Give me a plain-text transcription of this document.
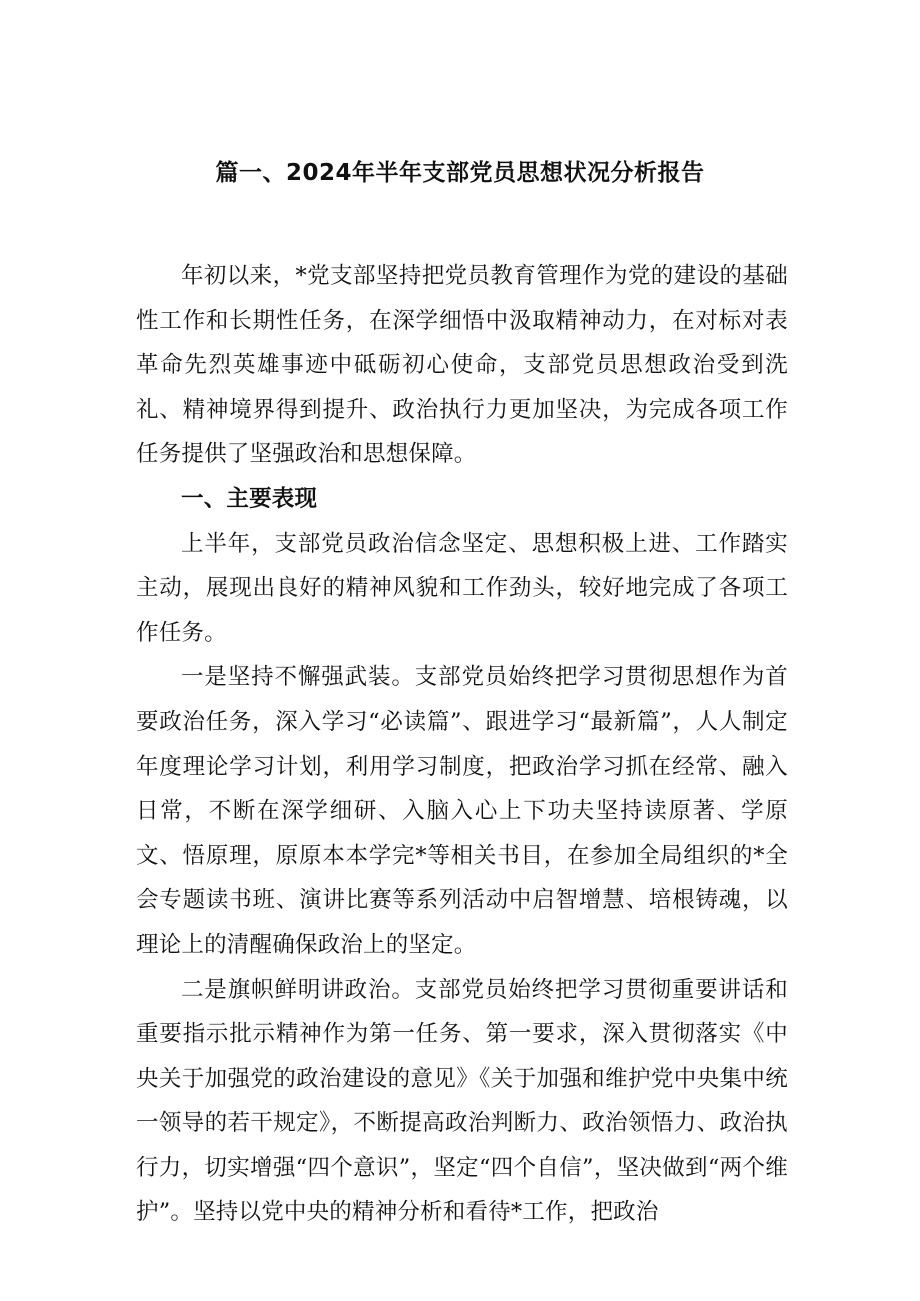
篇一、2024年半年支部党员思想状况分析报告

年初以来，*党支部坚持把党员教育管理作为党的建设的基础性工作和长期性任务，在深学细悟中汲取精神动力，在对标对表革命先烈英雄事迹中砥砺初心使命，支部党员思想政治受到洗礼、精神境界得到提升、政治执行力更加坚决，为完成各项工作任务提供了坚强政治和思想保障。

一、主要表现

上半年，支部党员政治信念坚定、思想积极上进、工作踏实主动，展现出良好的精神风貌和工作劲头，较好地完成了各项工作任务。

一是坚持不懈强武装。支部党员始终把学习贯彻思想作为首要政治任务，深入学习“必读篇”、跟进学习“最新篇”，人人制定年度理论学习计划，利用学习制度，把政治学习抓在经常、融入日常，不断在深学细研、入脑入心上下功夫坚持读原著、学原文、悟原理，原原本本学完*等相关书目，在参加全局组织的*全会专题读书班、演讲比赛等系列活动中启智增慧、培根铸魂，以理论上的清醒确保政治上的坚定。

二是旗帜鲜明讲政治。支部党员始终把学习贯彻重要讲话和重要指示批示精神作为第一任务、第一要求，深入贯彻落实《中央关于加强党的政治建设的意见》《关于加强和维护党中央集中统一领导的若干规定》，不断提高政治判断力、政治领悟力、政治执行力，切实增强“四个意识”，坚定“四个自信”，坚决做到“两个维护”。坚持以党中央的精神分析和看待*工作，把政治
